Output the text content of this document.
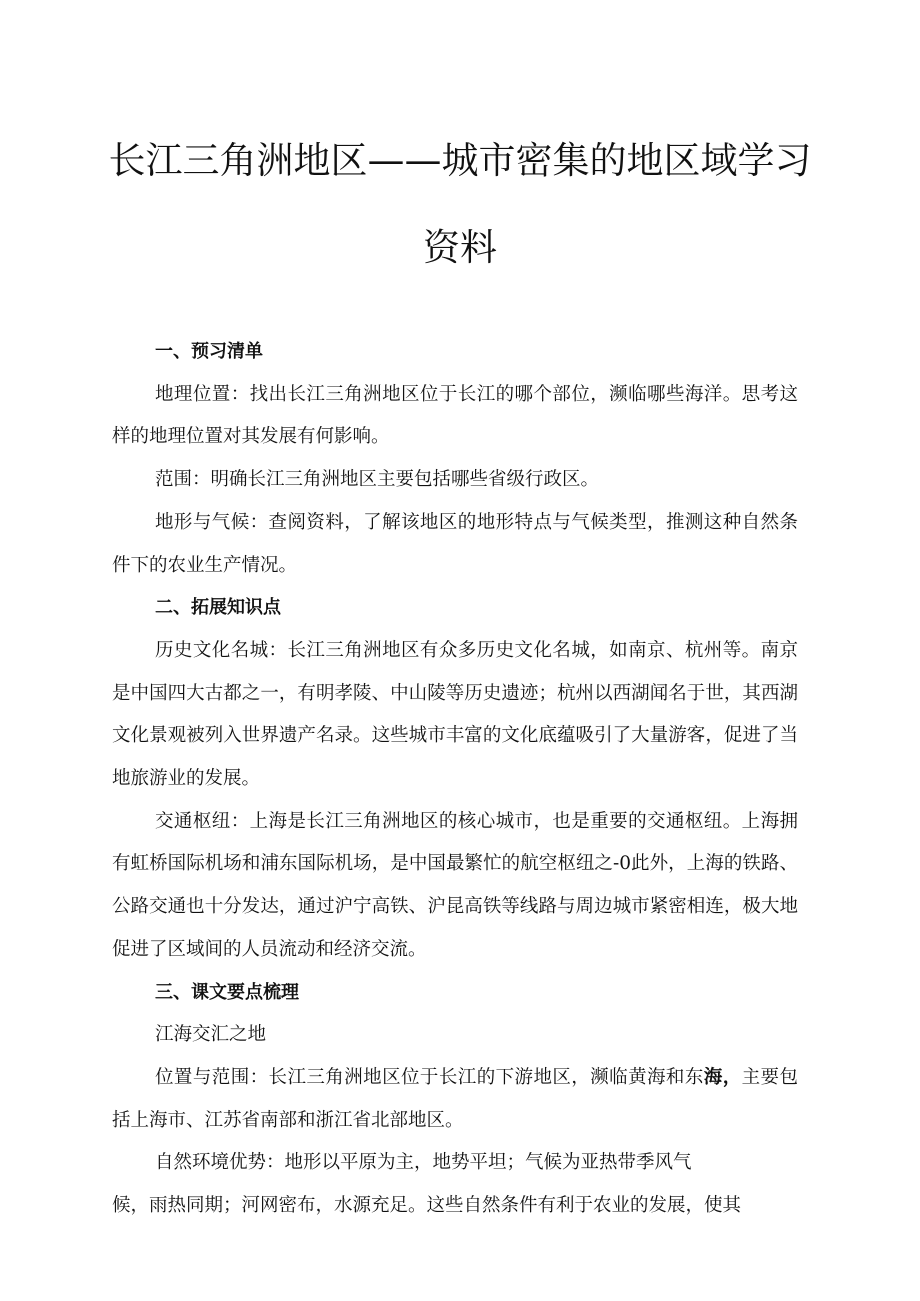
长江三角洲地区——城市密集的地区域学习
资料

一、预习清单

地理位置：找出长江三角洲地区位于长江的哪个部位，濒临哪些海洋。思考这样的地理位置对其发展有何影响。

范围：明确长江三角洲地区主要包括哪些省级行政区。

地形与气候：查阅资料，了解该地区的地形特点与气候类型，推测这种自然条件下的农业生产情况。

二、拓展知识点

历史文化名城：长江三角洲地区有众多历史文化名城，如南京、杭州等。南京是中国四大古都之一，有明孝陵、中山陵等历史遗迹；杭州以西湖闻名于世，其西湖文化景观被列入世界遗产名录。这些城市丰富的文化底蕴吸引了大量游客，促进了当地旅游业的发展。

交通枢纽：上海是长江三角洲地区的核心城市，也是重要的交通枢纽。上海拥有虹桥国际机场和浦东国际机场，是中国最繁忙的航空枢纽之-0此外，上海的铁路、公路交通也十分发达，通过沪宁高铁、沪昆高铁等线路与周边城市紧密相连，极大地促进了区域间的人员流动和经济交流。

三、课文要点梳理

江海交汇之地

位置与范围：长江三角洲地区位于长江的下游地区，濒临黄海和东海，主要包括上海市、江苏省南部和浙江省北部地区。

自然环境优势：地形以平原为主，地势平坦；气候为亚热带季风气

候，雨热同期；河网密布，水源充足。这些自然条件有利于农业的发展，使其
